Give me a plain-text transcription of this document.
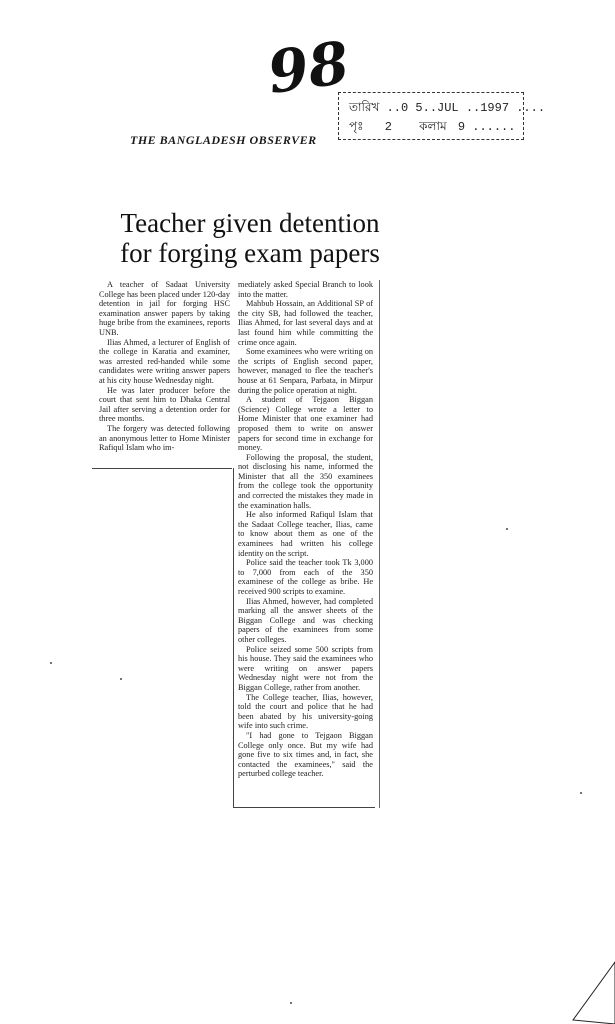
98
তারিখ ..0 5..JUL ..1997 ....
পৃঃ 2 কলাম 9 ......
THE BANGLADESH OBSERVER
Teacher given detention
for forging exam papers

A teacher of Sadaat University College has been placed under 120-day detention in jail for forging HSC examination answer papers by taking huge bribe from the examinees, reports UNB.

Ilias Ahmed, a lecturer of English of the college in Karatia and examiner, was arrested red-handed while some candidates were writing answer papers at his city house Wednesday night.

He was later producer before the court that sent him to Dhaka Central Jail after serving a detention order for three months.

The forgery was detected following an anonymous letter to Home Minister Rafiqul Islam who im-

mediately asked Special Branch to look into the matter.

Mahbub Hossain, an Additional SP of the city SB, had followed the teacher, Ilias Ahmed, for last several days and at last found him while committing the crime once again.

Some examinees who were writing on the scripts of English second paper, however, managed to flee the teacher's house at 61 Senpara, Parbata, in Mirpur during the police operation at night.

A student of Tejgaon Biggan (Science) College wrote a letter to Home Minister that one examiner had proposed them to write on answer papers for second time in exchange for money.

Following the proposal, the student, not disclosing his name, informed the Minister that all the 350 examinees from the college took the opportunity and corrected the mistakes they made in the examination halls.

He also informed Rafiqul Islam that the Sadaat College teacher, Ilias, came to know about them as one of the examinees had written his college identity on the script.

Police said the teacher took Tk 3,000 to 7,000 from each of the 350 examinese of the college as bribe. He received 900 scripts to examine.

Ilias Ahmed, however, had completed marking all the answer sheets of the Biggan College and was checking papers of the examinees from some other colleges.

Police seized some 500 scripts from his house. They said the examinees who were writing on answer papers Wednesday night were not from the Biggan College, rather from another.

The College teacher, Ilias, however, told the court and police that he had been abated by his university-going wife into such crime.

"I had gone to Tejgaon Biggan College only once. But my wife had gone five to six times and, in fact, she contacted the examinees," said the perturbed college teacher.
